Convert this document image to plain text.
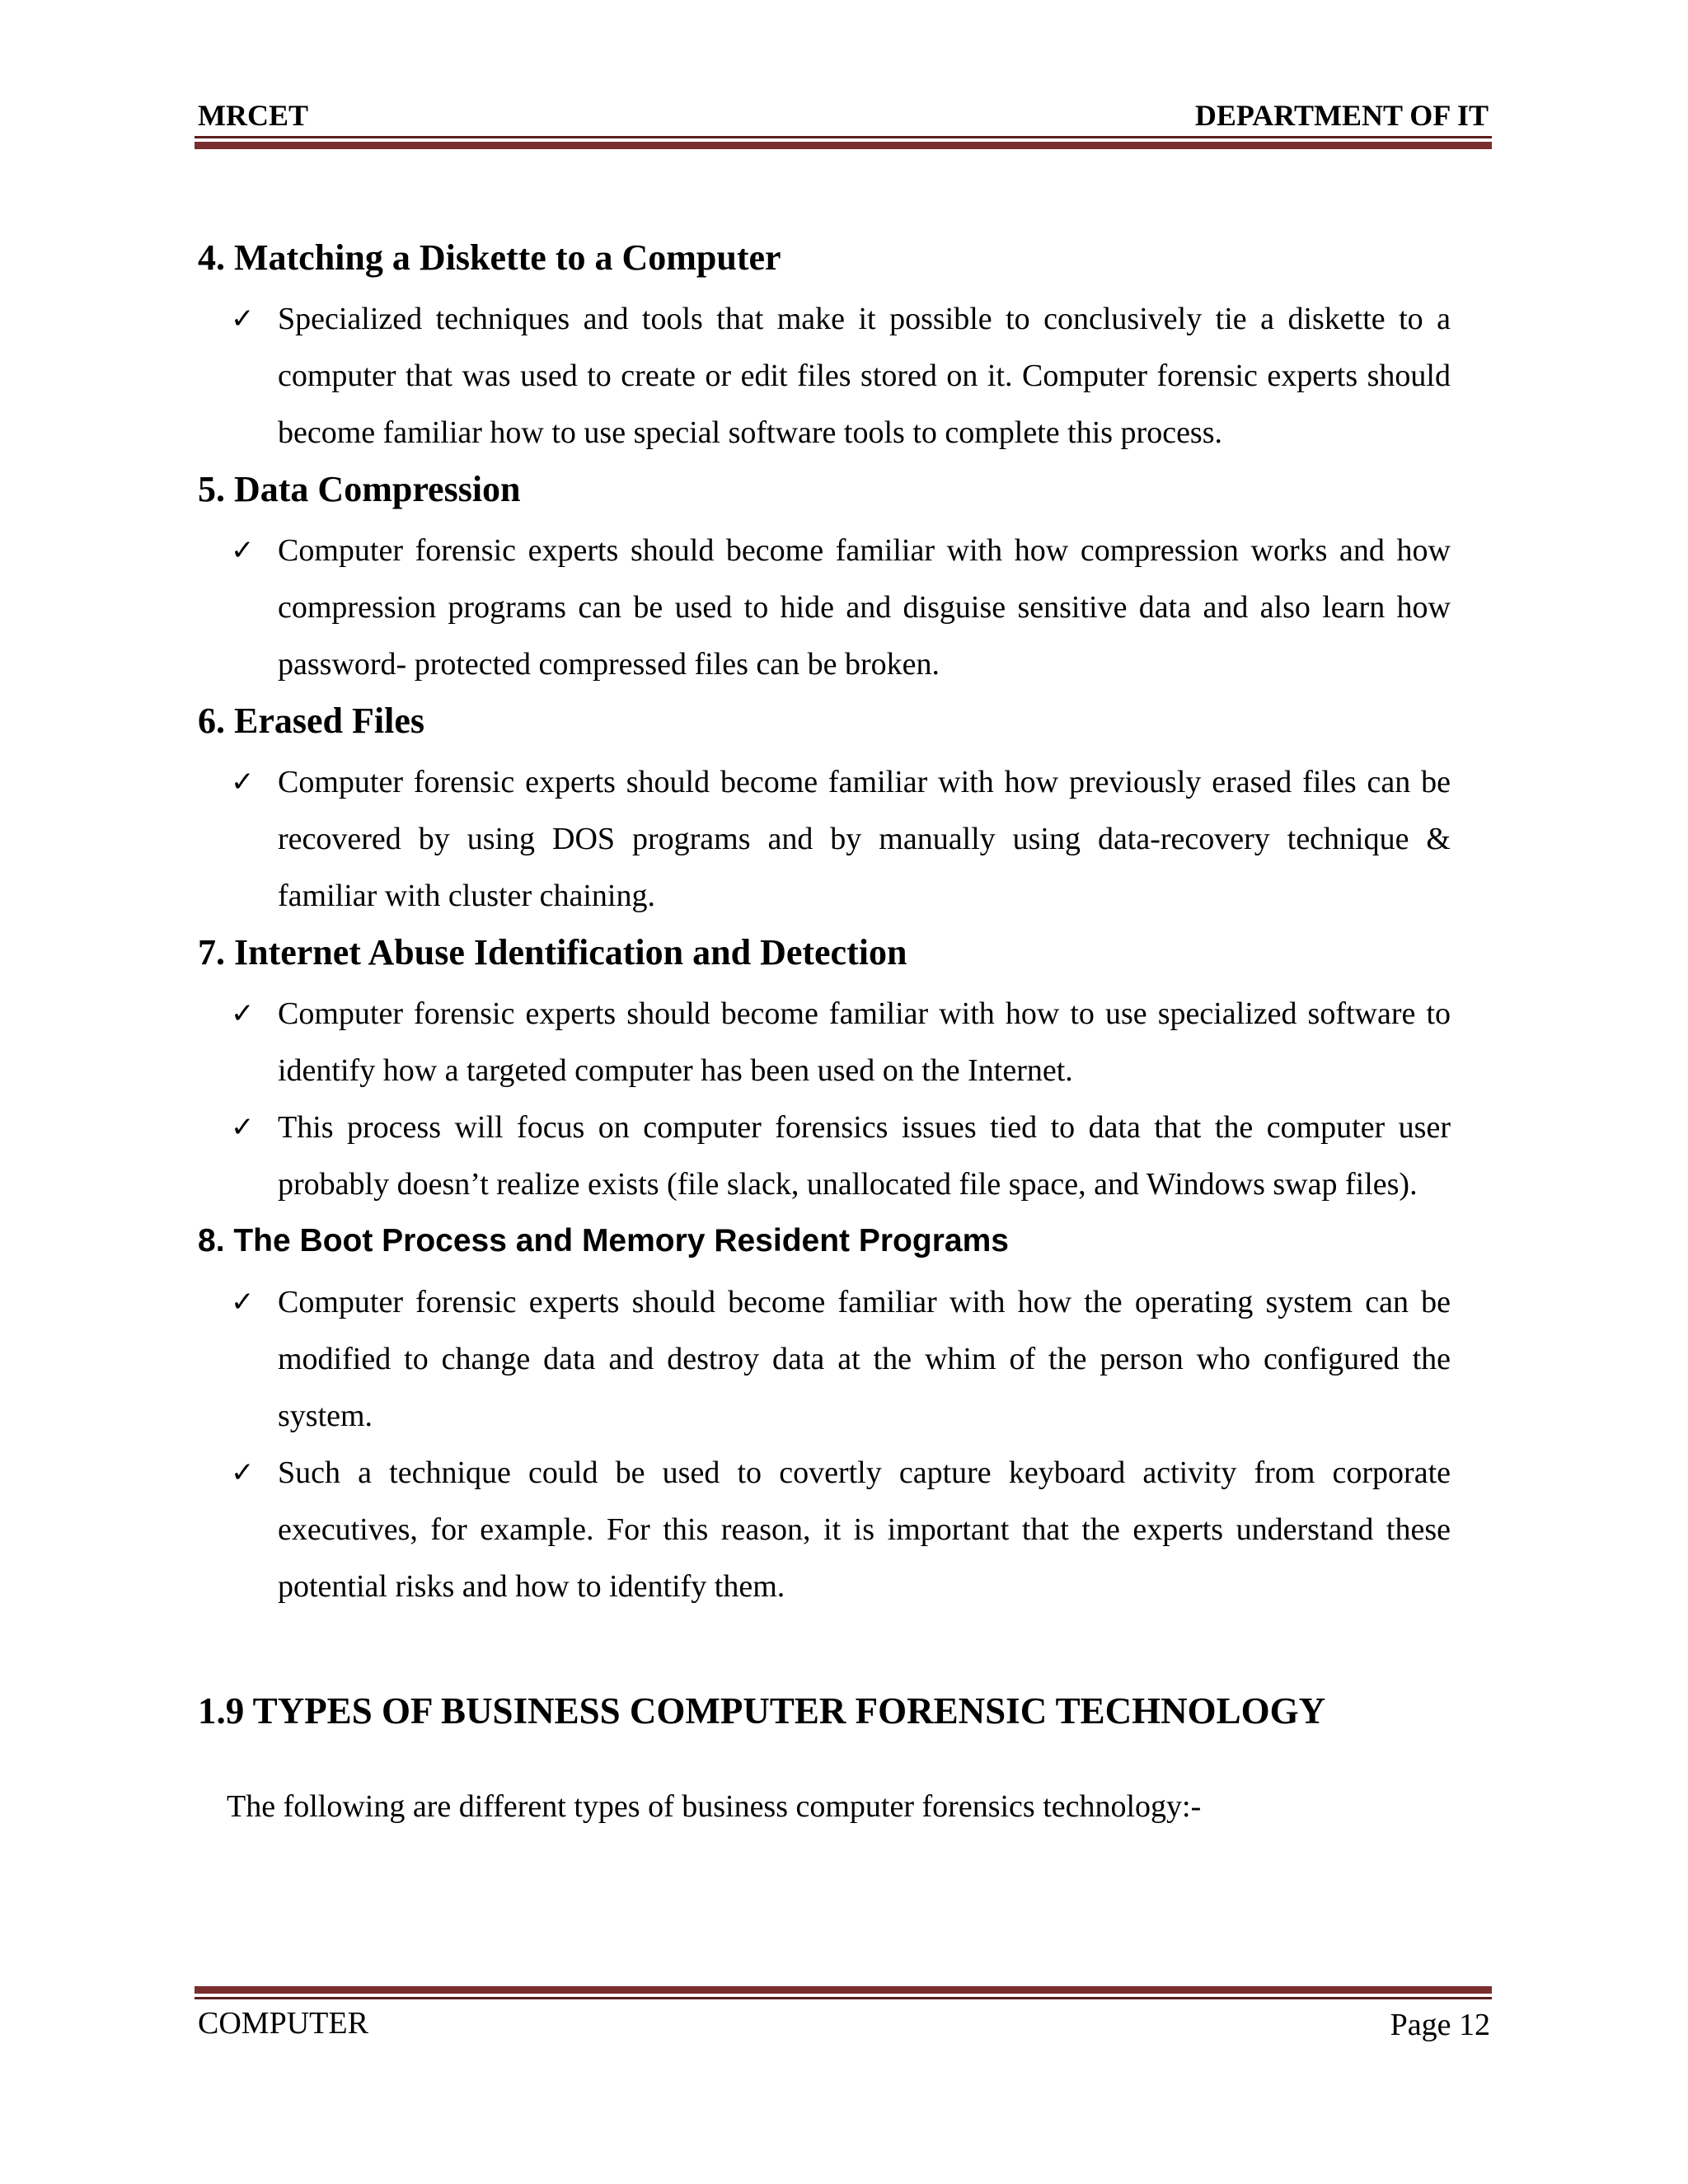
MRCET	DEPARTMENT OF IT
4. Matching a Diskette to a Computer
✓ Specialized techniques and tools that make it possible to conclusively tie a diskette to a computer that was used to create or edit files stored on it. Computer forensic experts should become familiar how to use special software tools to complete this process.
5. Data Compression
✓ Computer forensic experts should become familiar with how compression works and how compression programs can be used to hide and disguise sensitive data and also learn how password- protected compressed files can be broken.
6. Erased Files
✓ Computer forensic experts should become familiar with how previously erased files can be recovered by using DOS programs and by manually using data-recovery technique & familiar with cluster chaining.
7. Internet Abuse Identification and Detection
✓ Computer forensic experts should become familiar with how to use specialized software to identify how a targeted computer has been used on the Internet.
✓ This process will focus on computer forensics issues tied to data that the computer user probably doesn’t realize exists (file slack, unallocated file space, and Windows swap files).
8. The Boot Process and Memory Resident Programs
✓ Computer forensic experts should become familiar with how the operating system can be modified to change data and destroy data at the whim of the person who configured the system.
✓ Such a technique could be used to covertly capture keyboard activity from corporate executives, for example. For this reason, it is important that the experts understand these potential risks and how to identify them.
1.9 TYPES OF BUSINESS COMPUTER FORENSIC TECHNOLOGY

The following are different types of business computer forensics technology:-

COMPUTER	Page 12
